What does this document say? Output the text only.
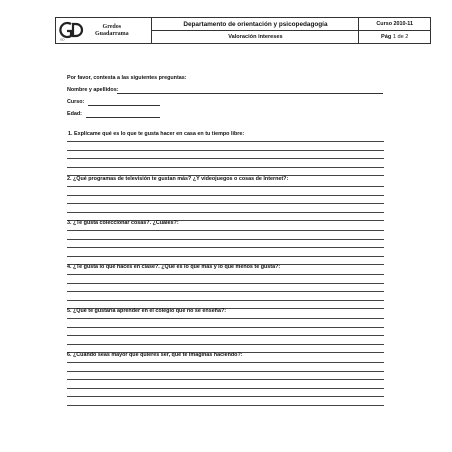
GD
Gredos
Guadarrama
Departamento de orientación y psicopedagogía
Valoración intereses
Curso 2010-11
Pág 1 de 2
Por favor, contesta a las siguientes preguntas:
Nombre y apellidos:
Curso:
Edad:
1. Explícame qué es lo que te gusta hacer en casa en tu tiempo libre:
2. ¿Qué programas de televisión te gustan más? ¿Y videojuegos o cosas de Internet?:
3. ¿Te gusta coleccionar cosas?. ¿Cuáles?:
4. ¿Te gusta lo qué haces en clase?. ¿Qué es lo que más y lo que menos te gusta?:
5. ¿Qué te gustaría aprender en el colegio que no se enseña?:
6. ¿Cuándo seas mayor que quieres ser, qué te imaginas haciendo?:
